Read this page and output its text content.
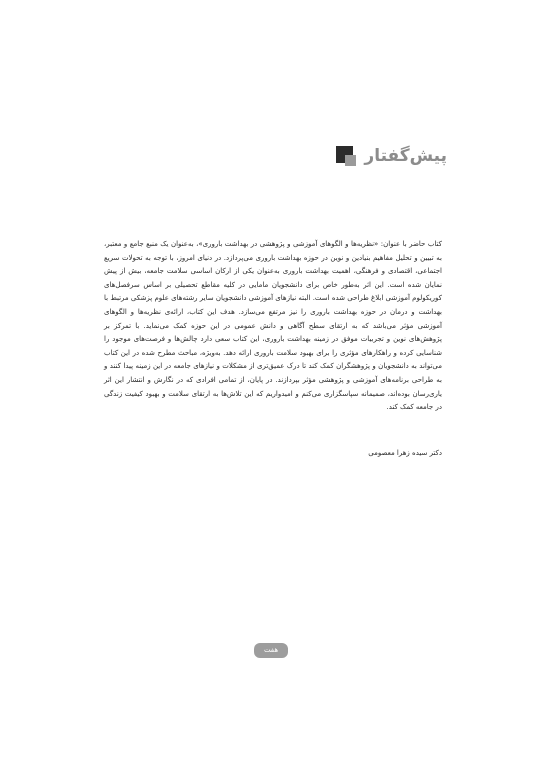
پیش‌گفتار

کتاب حاضر با عنوان: «نظریه‌ها و الگوهای آموزشی و پژوهشی در بهداشت باروری»، به‌عنوان یک منبع جامع و معتبر، به تبیین و تحلیل مفاهیم بنیادین و نوین در حوزه بهداشت باروری می‌پردازد. در دنیای امروز، با توجه به تحولات سریع اجتماعی، اقتصادی و فرهنگی، اهمیت بهداشت باروری به‌عنوان یکی از ارکان اساسی سلامت جامعه، بیش از پیش نمایان شده است. این اثر به‌طور خاص برای دانشجویان مامایی در کلیه مقاطع تحصیلی بر اساس سرفصل‌های کوریکولوم آموزشی ابلاغ طراحی شده است. البته نیازهای آموزشی دانشجویان سایر رشته‌های علوم پزشکی مرتبط با بهداشت و درمان در حوزه بهداشت باروری را نیز مرتفع می‌سازد. هدف این کتاب، ارائه‌ی نظریه‌ها و الگوهای آموزشی مؤثر می‌باشد که به ارتقای سطح آگاهی و دانش عمومی در این حوزه کمک می‌نماید. با تمرکز بر پژوهش‌های نوین و تجربیات موفق در زمینه بهداشت باروری، این کتاب سعی دارد چالش‌ها و فرصت‌های موجود را شناسایی کرده و راهکارهای مؤثری را برای بهبود سلامت باروری ارائه دهد. به‌ویژه، مباحث مطرح شده در این کتاب می‌تواند به دانشجویان و پژوهشگران کمک کند تا درک عمیق‌تری از مشکلات و نیازهای جامعه در این زمینه پیدا کنند و به طراحی برنامه‌های آموزشی و پژوهشی مؤثر بپردازند. در پایان، از تمامی افرادی که در نگارش و انتشار این اثر یاری‌رسان بوده‌اند، صمیمانه سپاسگزاری می‌کنم و امیدواریم که این تلاش‌ها به ارتقای سلامت و بهبود کیفیت زندگی در جامعه کمک کند.

دکتر سیده زهرا معصومی

هفت
